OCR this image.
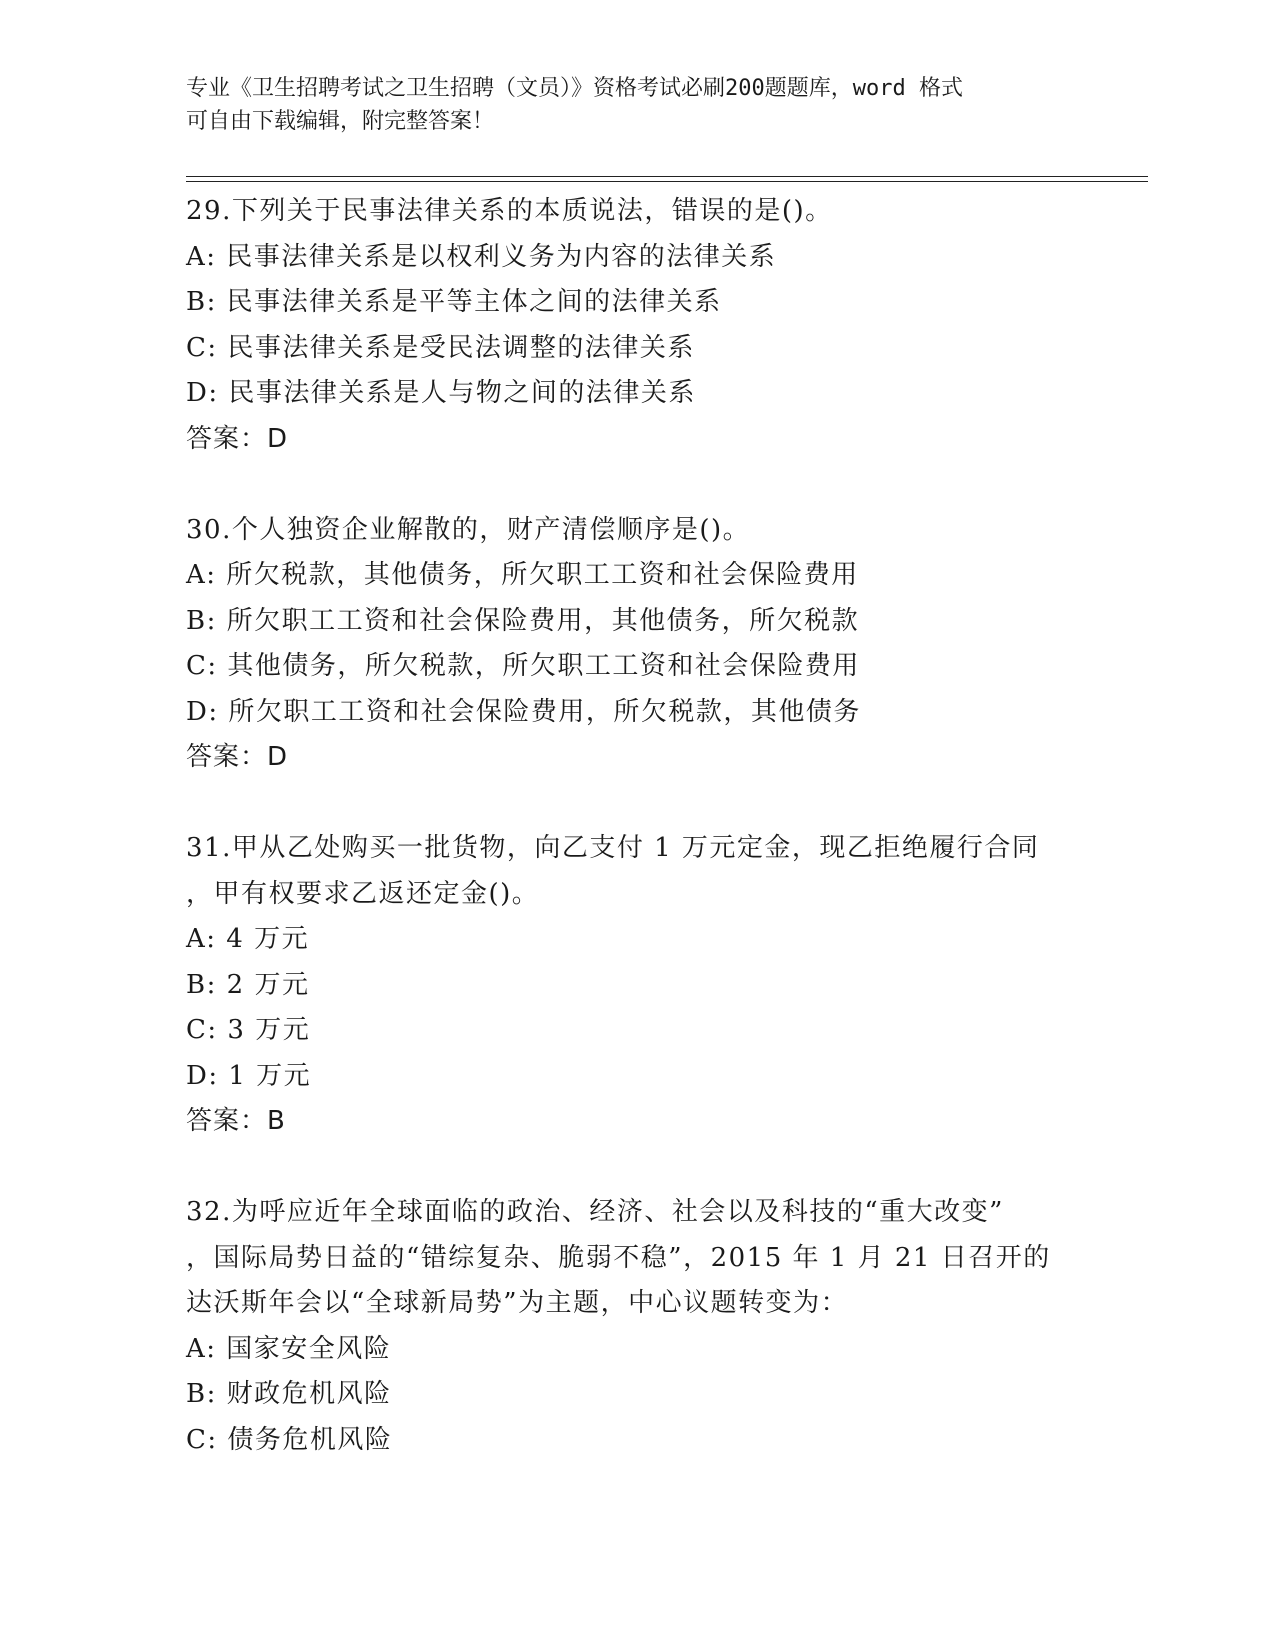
专业《卫生招聘考试之卫生招聘（文员）》资格考试必刷200题题库，word 格式
可自由下载编辑，附完整答案！
29.下列关于民事法律关系的本质说法，错误的是()。
A: 民事法律关系是以权利义务为内容的法律关系
B: 民事法律关系是平等主体之间的法律关系
C: 民事法律关系是受民法调整的法律关系
D: 民事法律关系是人与物之间的法律关系
答案：D
30.个人独资企业解散的，财产清偿顺序是()。
A: 所欠税款，其他债务，所欠职工工资和社会保险费用
B: 所欠职工工资和社会保险费用，其他债务，所欠税款
C: 其他债务，所欠税款，所欠职工工资和社会保险费用
D: 所欠职工工资和社会保险费用，所欠税款，其他债务
答案：D
31.甲从乙处购买一批货物，向乙支付 1 万元定金，现乙拒绝履行合同
，甲有权要求乙返还定金()。
A: 4 万元
B: 2 万元
C: 3 万元
D: 1 万元
答案：B
32.为呼应近年全球面临的政治、经济、社会以及科技的“重大改变”
，国际局势日益的“错综复杂、脆弱不稳”，2015 年 1 月 21 日召开的
达沃斯年会以“全球新局势”为主题，中心议题转变为：
A: 国家安全风险
B: 财政危机风险
C: 债务危机风险
